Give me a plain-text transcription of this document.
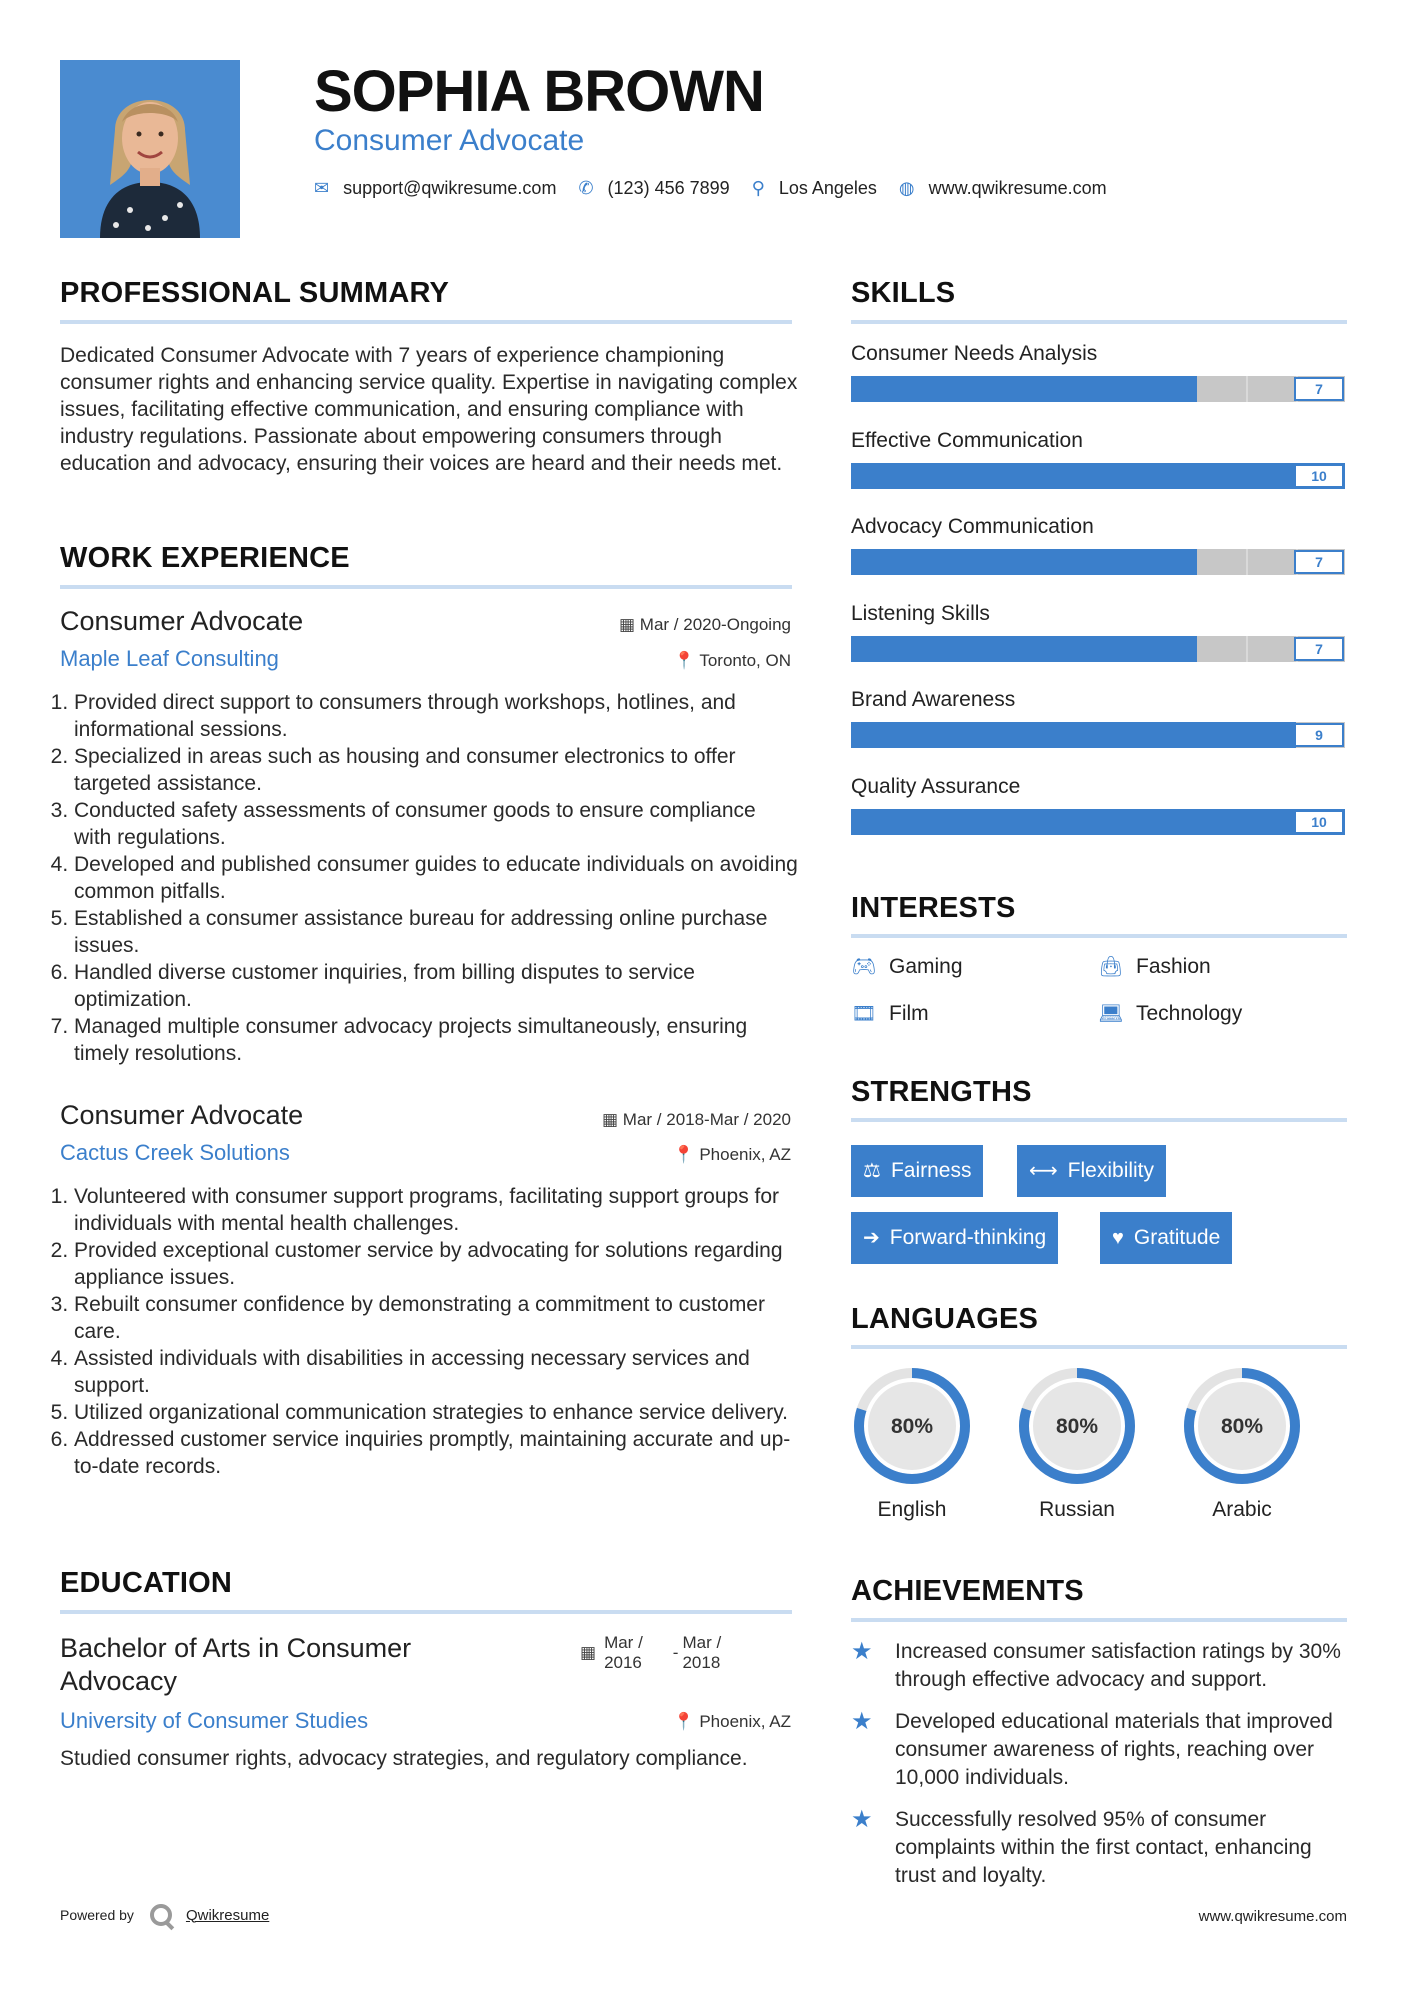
SOPHIA BROWN
Consumer Advocate
✉ support@qwikresume.com ✆ (123) 456 7899 ⚲ Los Angeles ◍ www.qwikresume.com
PROFESSIONAL SUMMARY
Dedicated Consumer Advocate with 7 years of experience championing consumer rights and enhancing service quality. Expertise in navigating complex issues, facilitating effective communication, and ensuring compliance with industry regulations. Passionate about empowering consumers through education and advocacy, ensuring their voices are heard and their needs met.
WORK EXPERIENCE
Consumer Advocate	▦ Mar / 2020-Ongoing
Maple Leaf Consulting	📍 Toronto, ON
1. Provided direct support to consumers through workshops, hotlines, and informational sessions.
2. Specialized in areas such as housing and consumer electronics to offer targeted assistance.
3. Conducted safety assessments of consumer goods to ensure compliance with regulations.
4. Developed and published consumer guides to educate individuals on avoiding common pitfalls.
5. Established a consumer assistance bureau for addressing online purchase issues.
6. Handled diverse customer inquiries, from billing disputes to service optimization.
7. Managed multiple consumer advocacy projects simultaneously, ensuring timely resolutions.
Consumer Advocate	▦ Mar / 2018-Mar / 2020
Cactus Creek Solutions	📍 Phoenix, AZ
1. Volunteered with consumer support programs, facilitating support groups for individuals with mental health challenges.
2. Provided exceptional customer service by advocating for solutions regarding appliance issues.
3. Rebuilt consumer confidence by demonstrating a commitment to customer care.
4. Assisted individuals with disabilities in accessing necessary services and support.
5. Utilized organizational communication strategies to enhance service delivery.
6. Addressed customer service inquiries promptly, maintaining accurate and up-to-date records.
EDUCATION
Bachelor of Arts in Consumer Advocacy
▦
Mar /
2016
-
Mar /
2018
University of Consumer Studies	📍 Phoenix, AZ
Studied consumer rights, advocacy strategies, and regulatory compliance.
SKILLS
Consumer Needs Analysis
7
Effective Communication
10
Advocacy Communication
7
Listening Skills
7
Brand Awareness
9
Quality Assurance
10
INTERESTS
🎮︎ Gaming	👜︎ Fashion
🎞︎ Film	💻︎ Technology
STRENGTHS
⚖ Fairness	⟷ Flexibility
➔ Forward-thinking	♥ Gratitude
LANGUAGES
80%
English
80%
Russian
80%
Arabic
ACHIEVEMENTS
★	Increased consumer satisfaction ratings by 30% through effective advocacy and support.
★	Developed educational materials that improved consumer awareness of rights, reaching over 10,000 individuals.
★	Successfully resolved 95% of consumer complaints within the first contact, enhancing trust and loyalty.
Powered by	Qwikresume	www.qwikresume.com
